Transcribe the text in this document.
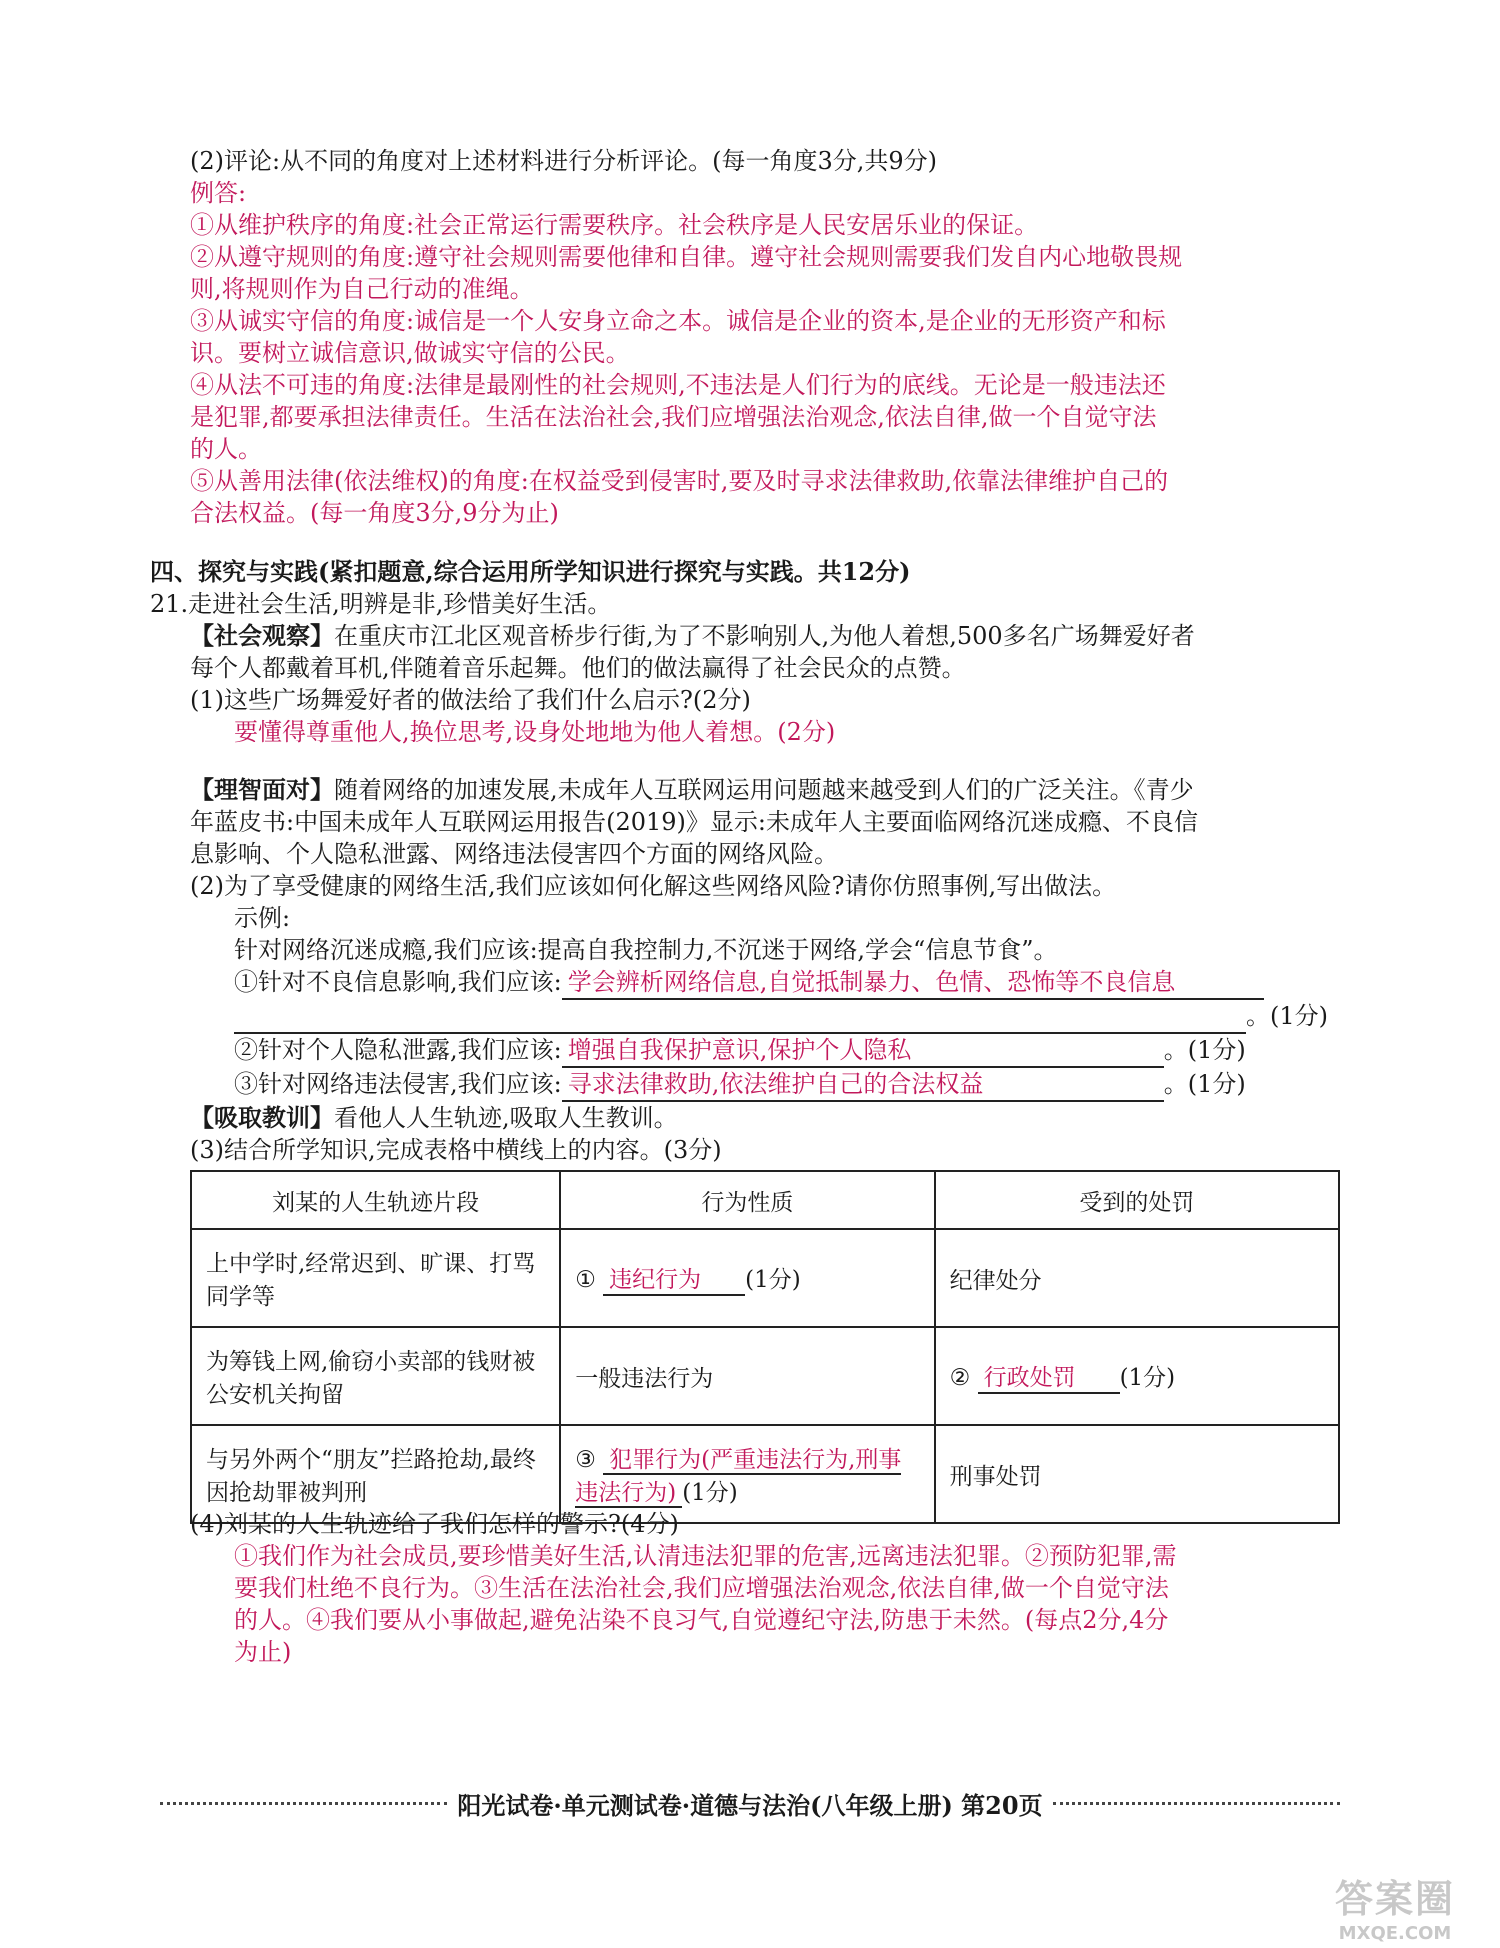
(2)评论:从不同的角度对上述材料进行分析评论。(每一角度3分,共9分)
例答:
①从维护秩序的角度:社会正常运行需要秩序。社会秩序是人民安居乐业的保证。
②从遵守规则的角度:遵守社会规则需要他律和自律。遵守社会规则需要我们发自内心地敬畏规
则,将规则作为自己行动的准绳。
③从诚实守信的角度:诚信是一个人安身立命之本。诚信是企业的资本,是企业的无形资产和标
识。要树立诚信意识,做诚实守信的公民。
④从法不可违的角度:法律是最刚性的社会规则,不违法是人们行为的底线。无论是一般违法还
是犯罪,都要承担法律责任。生活在法治社会,我们应增强法治观念,依法自律,做一个自觉守法
的人。
⑤从善用法律(依法维权)的角度:在权益受到侵害时,要及时寻求法律救助,依靠法律维护自己的
合法权益。(每一角度3分,9分为止)
四、探究与实践(紧扣题意,综合运用所学知识进行探究与实践。共12分)
21.走进社会生活,明辨是非,珍惜美好生活。
【社会观察】在重庆市江北区观音桥步行街,为了不影响别人,为他人着想,500多名广场舞爱好者
每个人都戴着耳机,伴随着音乐起舞。他们的做法赢得了社会民众的点赞。
(1)这些广场舞爱好者的做法给了我们什么启示?(2分)
要懂得尊重他人,换位思考,设身处地地为他人着想。(2分)
【理智面对】随着网络的加速发展,未成年人互联网运用问题越来越受到人们的广泛关注。《青少
年蓝皮书:中国未成年人互联网运用报告(2019)》显示:未成年人主要面临网络沉迷成瘾、不良信
息影响、个人隐私泄露、网络违法侵害四个方面的网络风险。
(2)为了享受健康的网络生活,我们应该如何化解这些网络风险?请你仿照事例,写出做法。
示例:
针对网络沉迷成瘾,我们应该:提高自我控制力,不沉迷于网络,学会“信息节食”。
①针对不良信息影响,我们应该: 学会辨析网络信息,自觉抵制暴力、色情、恐怖等不良信息
。(1分)
②针对个人隐私泄露,我们应该: 增强自我保护意识,保护个人隐私	。(1分)
③针对网络违法侵害,我们应该: 寻求法律救助,依法维护自己的合法权益	。(1分)
【吸取教训】看他人人生轨迹,吸取人生教训。
(3)结合所学知识,完成表格中横线上的内容。(3分)
刘某的人生轨迹片段	行为性质	受到的处罚
上中学时,经常迟到、旷课、打骂同学等	① 违纪行为 (1分)	纪律处分
为筹钱上网,偷窃小卖部的钱财被公安机关拘留	一般违法行为	② 行政处罚 (1分)
与另外两个“朋友”拦路抢劫,最终因抢劫罪被判刑	③ 犯罪行为(严重违法行为,刑事违法行为) (1分)	刑事处罚
(4)刘某的人生轨迹给了我们怎样的警示?(4分)
①我们作为社会成员,要珍惜美好生活,认清违法犯罪的危害,远离违法犯罪。②预防犯罪,需
要我们杜绝不良行为。③生活在法治社会,我们应增强法治观念,依法自律,做一个自觉守法
的人。④我们要从小事做起,避免沾染不良习气,自觉遵纪守法,防患于未然。(每点2分,4分
为止)
阳光试卷·单元测试卷·道德与法治(八年级上册) 第20页
答案圈
MXQE.COM
